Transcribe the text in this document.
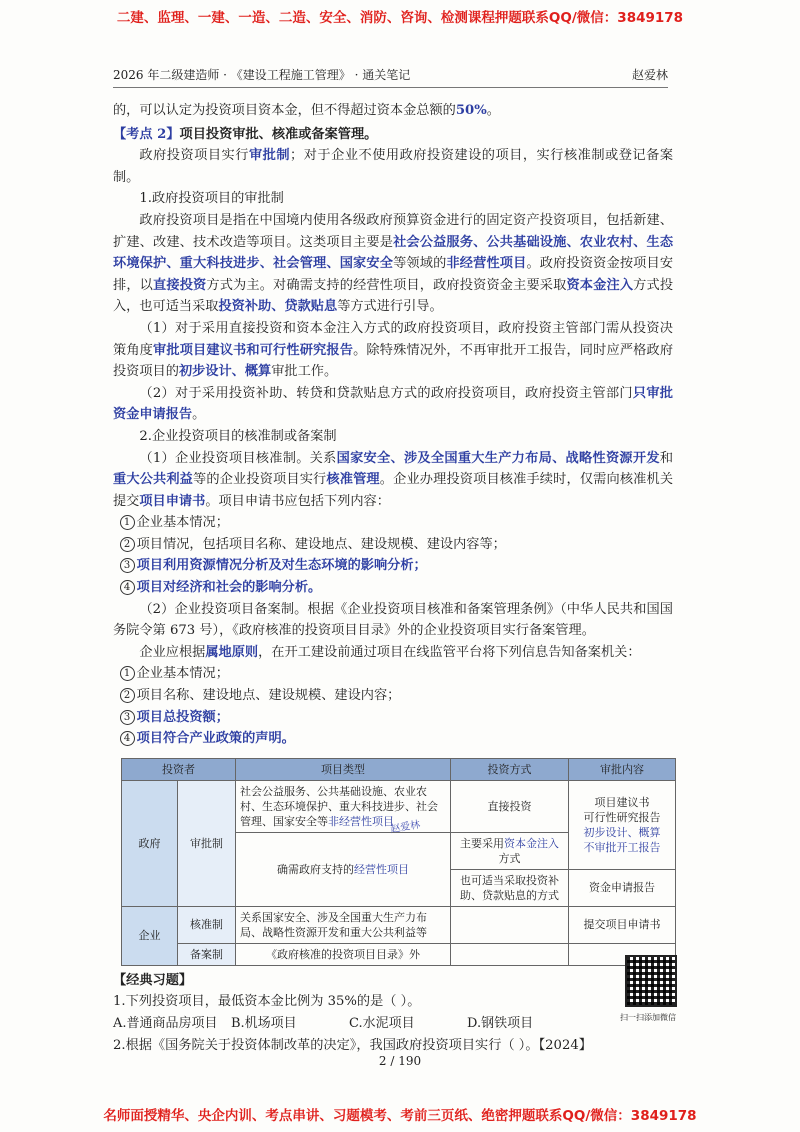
二建、监理、一建、一造、二造、安全、消防、咨询、检测课程押题联系QQ/微信：3849178
2026 年二级建造师 · 《建设工程施工管理》 · 通关笔记	赵爱林
的，可以认定为投资项目资本金，但不得超过资本金总额的50%。
【考点 2】项目投资审批、核准或备案管理。
政府投资项目实行审批制；对于企业不使用政府投资建设的项目，实行核准制或登记备案制。
1.政府投资项目的审批制
政府投资项目是指在中国境内使用各级政府预算资金进行的固定资产投资项目，包括新建、扩建、改建、技术改造等项目。这类项目主要是社会公益服务、公共基础设施、农业农村、生态环境保护、重大科技进步、社会管理、国家安全等领域的非经营性项目。政府投资资金按项目安排，以直接投资方式为主。对确需支持的经营性项目，政府投资资金主要采取资本金注入方式投入，也可适当采取投资补助、贷款贴息等方式进行引导。
（1）对于采用直接投资和资本金注入方式的政府投资项目，政府投资主管部门需从投资决策角度审批项目建议书和可行性研究报告。除特殊情况外，不再审批开工报告，同时应严格政府投资项目的初步设计、概算审批工作。
（2）对于采用投资补助、转贷和贷款贴息方式的政府投资项目，政府投资主管部门只审批资金申请报告。
2.企业投资项目的核准制或备案制
（1）企业投资项目核准制。关系国家安全、涉及全国重大生产力布局、战略性资源开发和重大公共利益等的企业投资项目实行核准管理。企业办理投资项目核准手续时，仅需向核准机关提交项目申请书。项目申请书应包括下列内容：
1 企业基本情况；
2 项目情况，包括项目名称、建设地点、建设规模、建设内容等；
3 项目利用资源情况分析及对生态环境的影响分析；
4 项目对经济和社会的影响分析。
（2）企业投资项目备案制。根据《企业投资项目核准和备案管理条例》（中华人民共和国国务院令第 673 号），《政府核准的投资项目目录》外的企业投资项目实行备案管理。
企业应根据属地原则，在开工建设前通过项目在线监管平台将下列信息告知备案机关：
1 企业基本情况；
2 项目名称、建设地点、建设规模、建设内容；
3 项目总投资额；
4 项目符合产业政策的声明。
投资者		项目类型	投资方式	审批内容
政府	审批制	社会公益服务、公共基础设施、农业农村、生态环境保护、重大科技进步、社会管理、国家安全等非经营性项目	直接投资	项目建议书
可行性研究报告
初步设计、概算
不审批开工报告
		确需政府支持的经营性项目	主要采用资本金注入方式	
			也可适当采取投资补助、贷款贴息的方式	资金申请报告
企业	核准制	关系国家安全、涉及全国重大生产力布局、战略性资源开发和重大公共利益等		提交项目申请书
	备案制	《政府核准的投资项目目录》外		
【经典习题】
1.下列投资项目，最低资本金比例为 35%的是（ ）。
A.普通商品房项目	B.机场项目	C.水泥项目	D.钢铁项目
2.根据《国务院关于投资体制改革的决定》，我国政府投资项目实行（ ）。【2024】
赵爱林
扫一扫添加微信
2 / 190
名师面授精华、央企内训、考点串讲、习题模考、考前三页纸、绝密押题联系QQ/微信：3849178
